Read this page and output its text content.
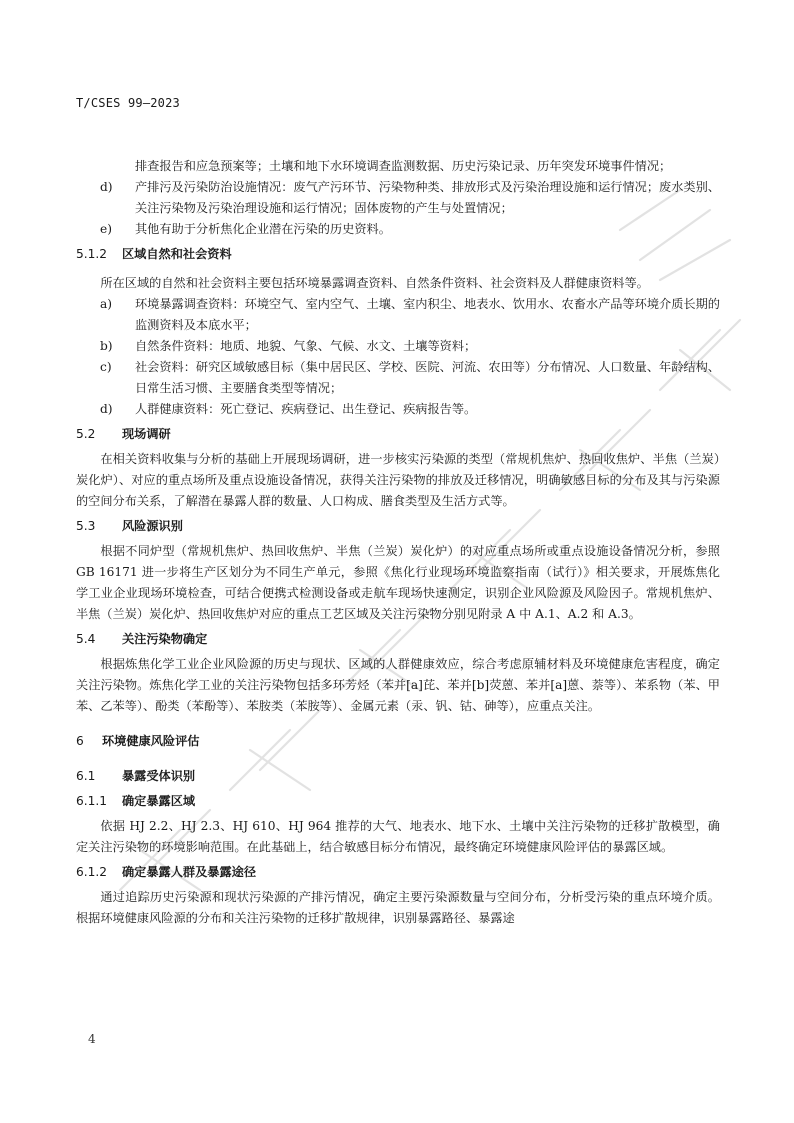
T/CSES 99—2023

排查报告和应急预案等；土壤和地下水环境调查监测数据、历史污染记录、历年突发环境事件情况；

d)	产排污及污染防治设施情况：废气产污环节、污染物种类、排放形式及污染治理设施和运行情况；废水类别、关注污染物及污染治理设施和运行情况；固体废物的产生与处置情况；
e)	其他有助于分析焦化企业潜在污染的历史资料。
5.1.2 区域自然和社会资料

所在区域的自然和社会资料主要包括环境暴露调查资料、自然条件资料、社会资料及人群健康资料等。

a)	环境暴露调查资料：环境空气、室内空气、土壤、室内积尘、地表水、饮用水、农畜水产品等环境介质长期的监测资料及本底水平；
b)	自然条件资料：地质、地貌、气象、气候、水文、土壤等资料；
c)	社会资料：研究区域敏感目标（集中居民区、学校、医院、河流、农田等）分布情况、人口数量、年龄结构、日常生活习惯、主要膳食类型等情况；
d)	人群健康资料：死亡登记、疾病登记、出生登记、疾病报告等。
5.2 现场调研

在相关资料收集与分析的基础上开展现场调研，进一步核实污染源的类型（常规机焦炉、热回收焦炉、半焦（兰炭）炭化炉）、对应的重点场所及重点设施设备情况，获得关注污染物的排放及迁移情况，明确敏感目标的分布及其与污染源的空间分布关系，了解潜在暴露人群的数量、人口构成、膳食类型及生活方式等。

5.3 风险源识别

根据不同炉型（常规机焦炉、热回收焦炉、半焦（兰炭）炭化炉）的对应重点场所或重点设施设备情况分析，参照 GB 16171 进一步将生产区划分为不同生产单元，参照《焦化行业现场环境监察指南（试行）》相关要求，开展炼焦化学工业企业现场环境检查，可结合便携式检测设备或走航车现场快速测定，识别企业风险源及风险因子。常规机焦炉、半焦（兰炭）炭化炉、热回收焦炉对应的重点工艺区域及关注污染物分别见附录 A 中 A.1、A.2 和 A.3。

5.4 关注污染物确定

根据炼焦化学工业企业风险源的历史与现状、区域的人群健康效应，综合考虑原辅材料及环境健康危害程度，确定关注污染物。炼焦化学工业的关注污染物包括多环芳烃（苯并[a]芘、苯并[b]荧蒽、苯并[a]蒽、萘等）、苯系物（苯、甲苯、乙苯等）、酚类（苯酚等）、苯胺类（苯胺等）、金属元素（汞、钒、钴、砷等），应重点关注。

6 环境健康风险评估
6.1 暴露受体识别
6.1.1 确定暴露区域

依据 HJ 2.2、HJ 2.3、HJ 610、HJ 964 推荐的大气、地表水、地下水、土壤中关注污染物的迁移扩散模型，确定关注污染物的环境影响范围。在此基础上，结合敏感目标分布情况，最终确定环境健康风险评估的暴露区域。

6.1.2 确定暴露人群及暴露途径

通过追踪历史污染源和现状污染源的产排污情况，确定主要污染源数量与空间分布，分析受污染的重点环境介质。根据环境健康风险源的分布和关注污染物的迁移扩散规律，识别暴露路径、暴露途

4
